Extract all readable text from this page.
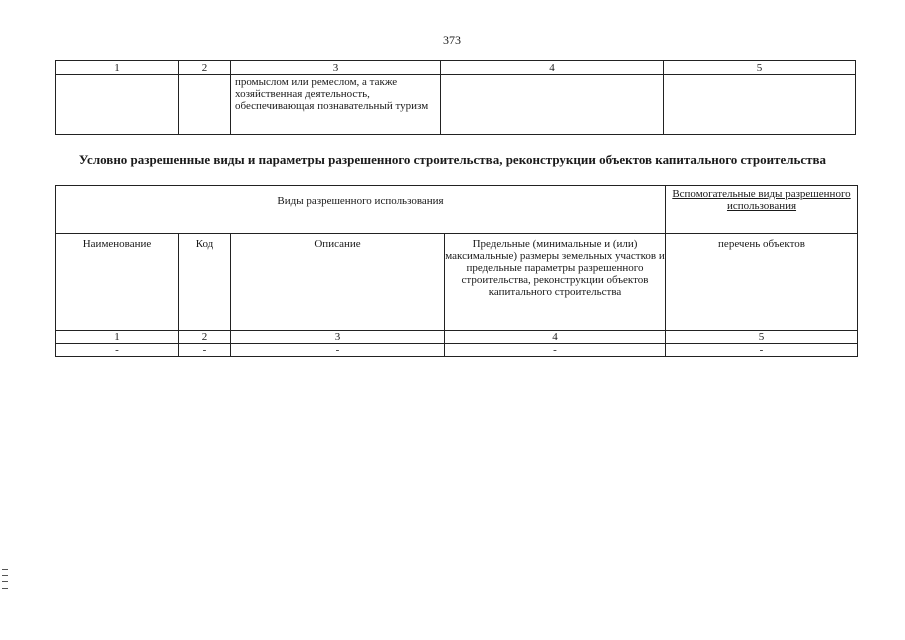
373
1	2	3	4	5
		промыслом или ремеслом, а также хозяйственная деятельность, обеспечивающая познавательный туризм		
Условно разрешенные виды и параметры разрешенного строительства, реконструкции объектов капитального строительства
Виды разрешенного использования				Вспомогательные виды разрешенного использования
Наименование	Код	Описание	Предельные (минимальные и (или) максимальные) размеры земельных участков и предельные параметры разрешенного строительства, реконструкции объектов капитального строительства	перечень объектов
1	2	3	4	5
-	-	-	-	-
